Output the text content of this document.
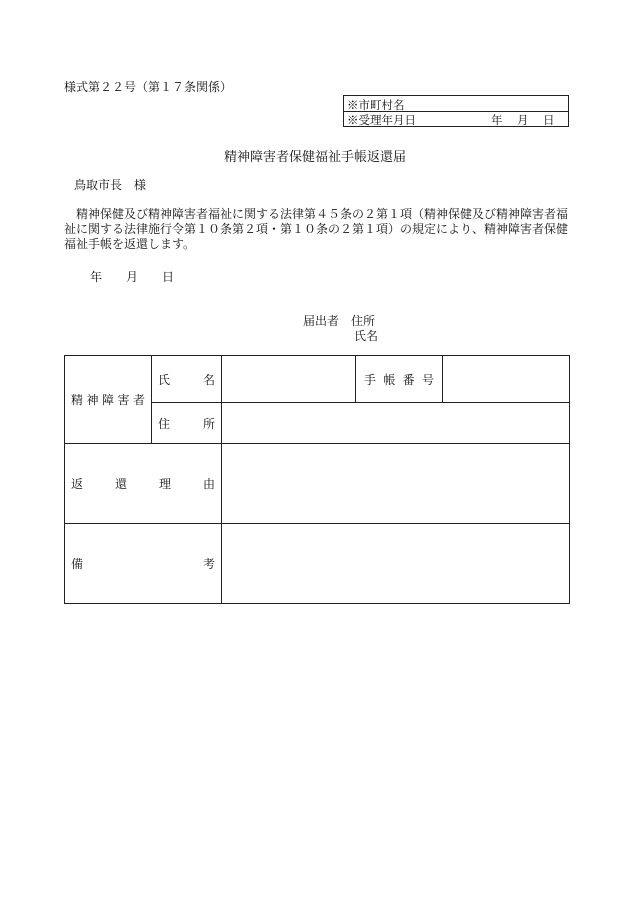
様式第２２号（第１７条関係）
※市町村名
※受理年月日	年 月 日
精神障害者保健福祉手帳返還届
鳥取市長　様
精神保健及び精神障害者福祉に関する法律第４５条の２第１項（精神保健及び精神障害者福祉に関する法律施行令第１０条第２項・第１０条の２第１項）の規定により、精神障害者保健福祉手帳を返還します。
年 月 日
届出者 住所
氏名
精神障害者	氏　名		手帳番号	

	住　所			

返還理由				

備考				
